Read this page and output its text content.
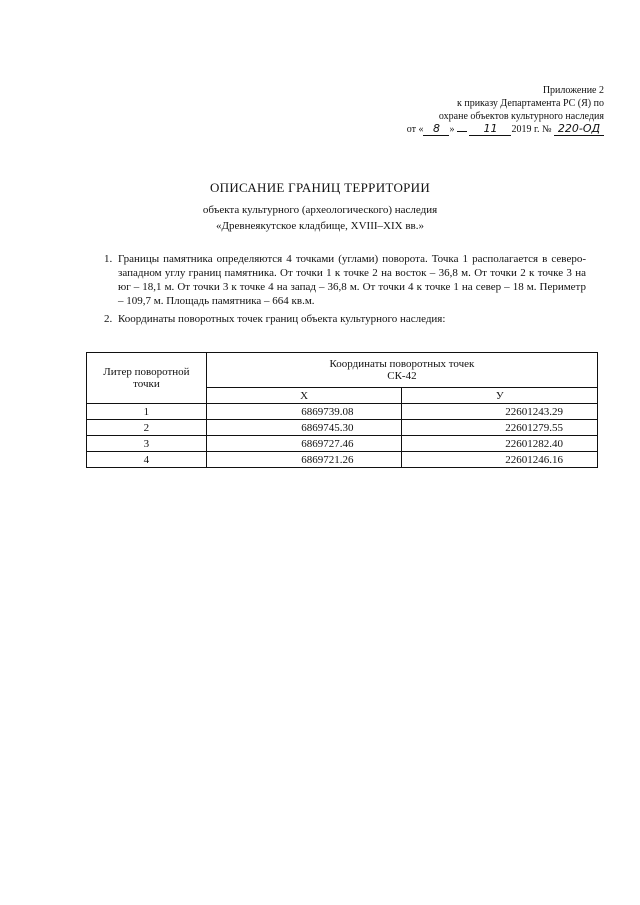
Приложение 2
к приказу Департамента РС (Я) по
охране объектов культурного наследия
от « 8 »	11 2019 г. № 220-ОД
ОПИСАНИЕ ГРАНИЦ ТЕРРИТОРИИ
объекта культурного (археологического) наследия
«Древнеякутское кладбище, XVIII–XIX вв.»
1. Границы памятника определяются 4 точками (углами) поворота. Точка 1 располагается в северо-западном углу границ памятника. От точки 1 к точке 2 на восток – 36,8 м. От точки 2 к точке 3 на юг – 18,1 м. От точки 3 к точке 4 на запад – 36,8 м. От точки 4 к точке 1 на север – 18 м. Периметр – 109,7 м. Площадь памятника – 664 кв.м.
2. Координаты поворотных точек границ объекта культурного наследия:
Литер поворотной точки	Координаты поворотных точек
СК-42	

	X	У
1	6869739.08	22601243.29
2	6869745.30	22601279.55
3	6869727.46	22601282.40
4	6869721.26	22601246.16
